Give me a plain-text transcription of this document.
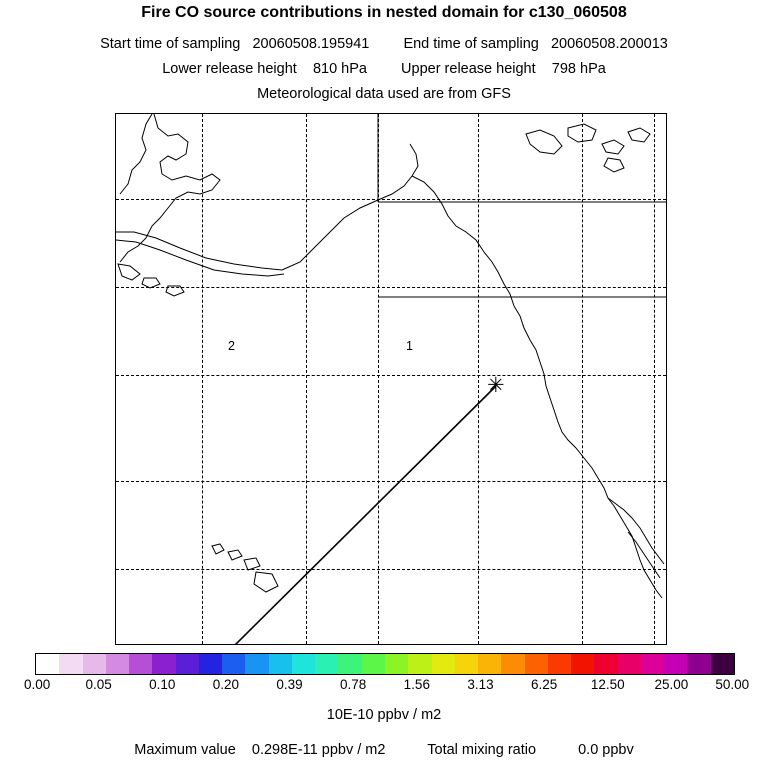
Fire CO source contributions in nested domain for c130_060508
Start time of sampling 20060508.195941 End time of sampling 20060508.200013
Lower release height 810 hPa Upper release height 798 hPa
Meteorological data used are from GFS
✳
1
2
0.00	0.05	0.10	0.20	0.39	0.78	1.56	3.13	6.25 12.50 25.00 50.00
10E-10 ppbv / m2
Maximum value 0.298E-11 ppbv / m2	Total mixing ratio	0.0 ppbv
